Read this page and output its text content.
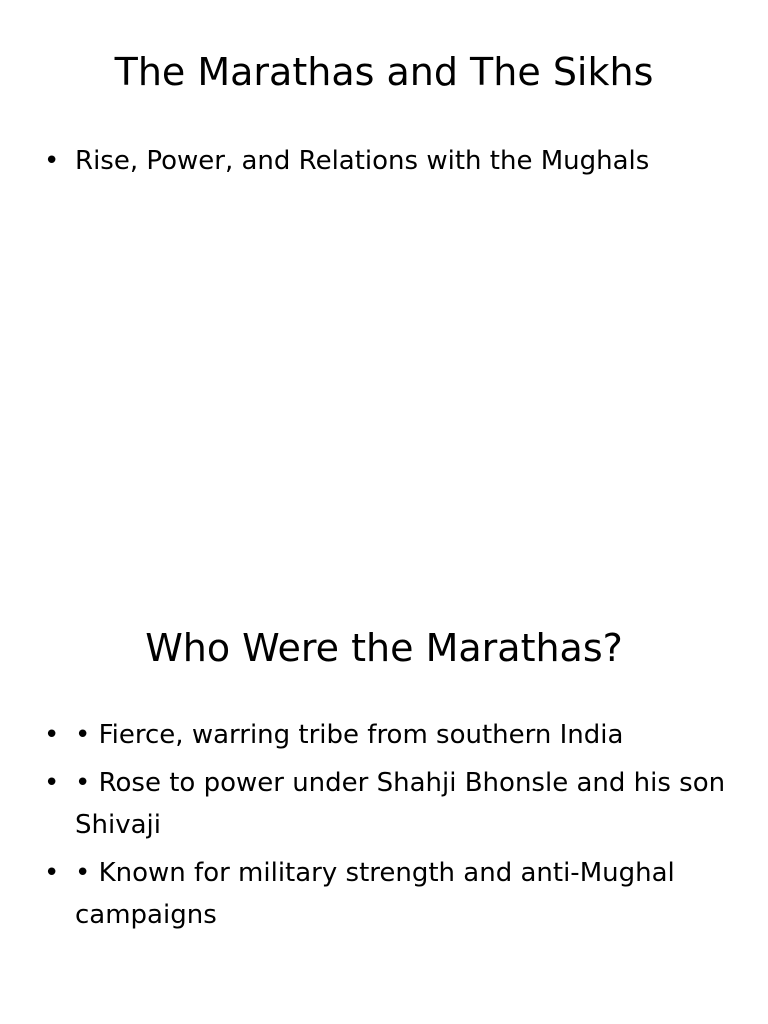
The Marathas and The Sikhs
• Rise, Power, and Relations with the Mughals
Who Were the Marathas?
• • Fierce, warring tribe from southern India
• • Rose to power under Shahji Bhonsle and his son Shivaji
• • Known for military strength and anti-Mughal campaigns
